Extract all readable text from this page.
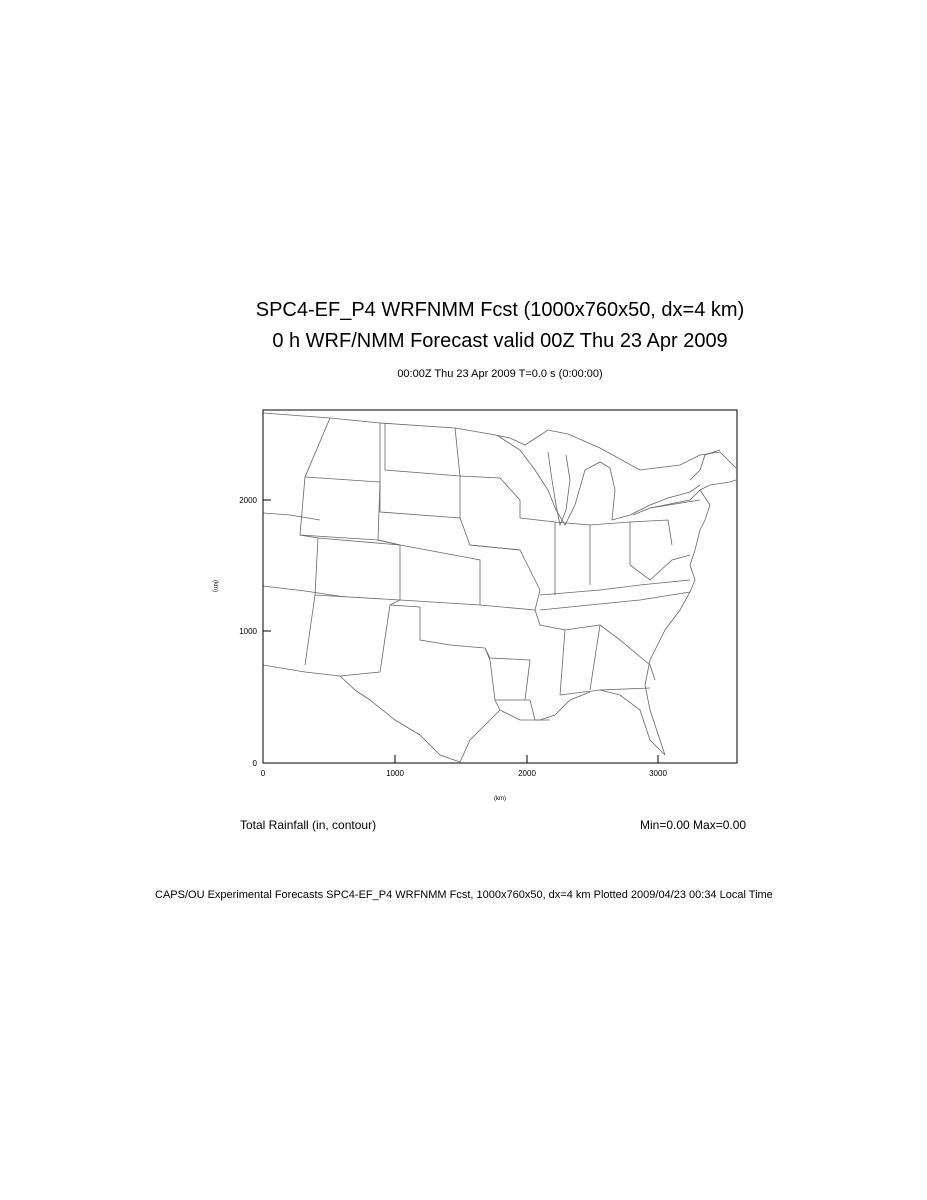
SPC4-EF_P4 WRFNMM Fcst (1000x760x50, dx=4 km)
0 h WRF/NMM Forecast valid 00Z Thu 23 Apr 2009
00:00Z Thu 23 Apr 2009 T=0.0 s (0:00:00)
0	1000	2000	3000
0
1000
2000
(km)
(km)
Total Rainfall (in, contour)	Min=0.00 Max=0.00
CAPS/OU Experimental Forecasts SPC4-EF_P4 WRFNMM Fcst, 1000x760x50, dx=4 km Plotted 2009/04/23 00:34 Local Time
